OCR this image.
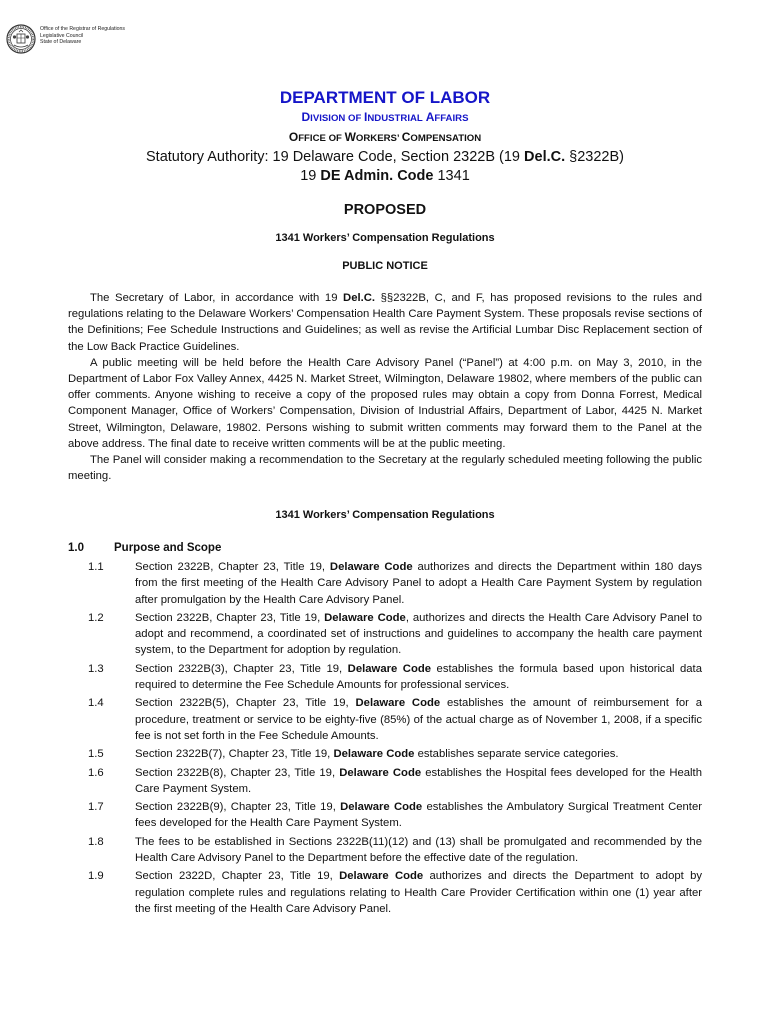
Office of the Registrar of Regulations
Legislative Council
State of Delaware
DEPARTMENT OF LABOR
DIVISION OF INDUSTRIAL AFFAIRS
OFFICE OF WORKERS’ COMPENSATION
Statutory Authority: 19 Delaware Code, Section 2322B (19 Del.C. §2322B)
19 DE Admin. Code 1341
PROPOSED
1341 Workers’ Compensation Regulations
PUBLIC NOTICE

The Secretary of Labor, in accordance with 19 Del.C. §§2322B, C, and F, has proposed revisions to the rules and regulations relating to the Delaware Workers’ Compensation Health Care Payment System. These proposals revise sections of the Definitions; Fee Schedule Instructions and Guidelines; as well as revise the Artificial Lumbar Disc Replacement section of the Low Back Practice Guidelines.

A public meeting will be held before the Health Care Advisory Panel (“Panel”) at 4:00 p.m. on May 3, 2010, in the Department of Labor Fox Valley Annex, 4425 N. Market Street, Wilmington, Delaware 19802, where members of the public can offer comments. Anyone wishing to receive a copy of the proposed rules may obtain a copy from Donna Forrest, Medical Component Manager, Office of Workers’ Compensation, Division of Industrial Affairs, Department of Labor, 4425 N. Market Street, Wilmington, Delaware, 19802. Persons wishing to submit written comments may forward them to the Panel at the above address. The final date to receive written comments will be at the public meeting.

The Panel will consider making a recommendation to the Secretary at the regularly scheduled meeting following the public meeting.

1341 Workers’ Compensation Regulations
1.0	Purpose and Scope
1.1	Section 2322B, Chapter 23, Title 19, Delaware Code authorizes and directs the Department within 180 days from the first meeting of the Health Care Advisory Panel to adopt a Health Care Payment System by regulation after promulgation by the Health Care Advisory Panel.
1.2	Section 2322B, Chapter 23, Title 19, Delaware Code, authorizes and directs the Health Care Advisory Panel to adopt and recommend, a coordinated set of instructions and guidelines to accompany the health care payment system, to the Department for adoption by regulation.
1.3	Section 2322B(3), Chapter 23, Title 19, Delaware Code establishes the formula based upon historical data required to determine the Fee Schedule Amounts for professional services.
1.4	Section 2322B(5), Chapter 23, Title 19, Delaware Code establishes the amount of reimbursement for a procedure, treatment or service to be eighty-five (85%) of the actual charge as of November 1, 2008, if a specific fee is not set forth in the Fee Schedule Amounts.
1.5	Section 2322B(7), Chapter 23, Title 19, Delaware Code establishes separate service categories.
1.6	Section 2322B(8), Chapter 23, Title 19, Delaware Code establishes the Hospital fees developed for the Health Care Payment System.
1.7	Section 2322B(9), Chapter 23, Title 19, Delaware Code establishes the Ambulatory Surgical Treatment Center fees developed for the Health Care Payment System.
1.8	The fees to be established in Sections 2322B(11)(12) and (13) shall be promulgated and recommended by the Health Care Advisory Panel to the Department before the effective date of the regulation.
1.9	Section 2322D, Chapter 23, Title 19, Delaware Code authorizes and directs the Department to adopt by regulation complete rules and regulations relating to Health Care Provider Certification within one (1) year after the first meeting of the Health Care Advisory Panel.
